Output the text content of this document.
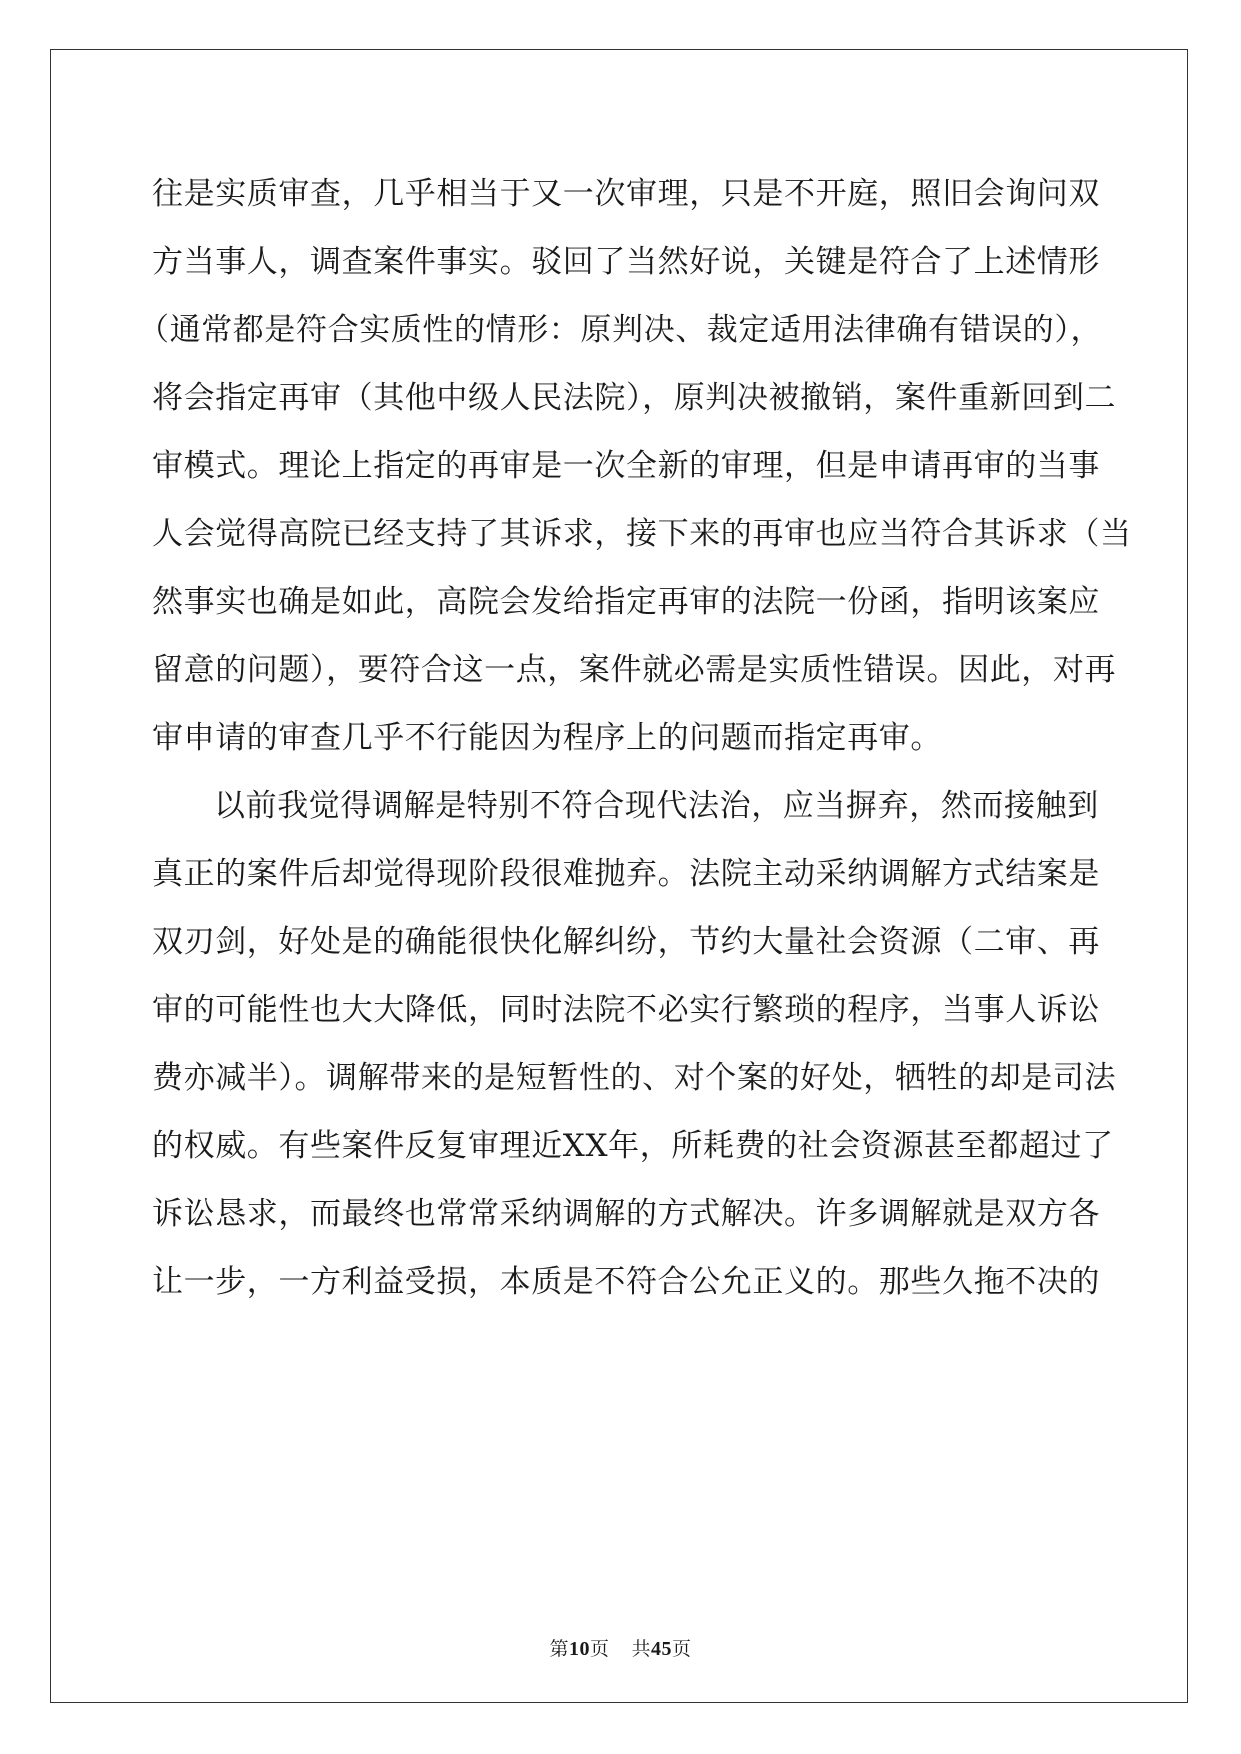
往是实质审查，几乎相当于又一次审理，只是不开庭，照旧会询问双
方当事人，调查案件事实。驳回了当然好说，关键是符合了上述情形
（通常都是符合实质性的情形：原判决、裁定适用法律确有错误的），
将会指定再审（其他中级人民法院），原判决被撤销，案件重新回到二
审模式。理论上指定的再审是一次全新的审理，但是申请再审的当事
人会觉得高院已经支持了其诉求，接下来的再审也应当符合其诉求（当
然事实也确是如此，高院会发给指定再审的法院一份函，指明该案应
留意的问题），要符合这一点，案件就必需是实质性错误。因此，对再
审申请的审查几乎不行能因为程序上的问题而指定再审。
以前我觉得调解是特别不符合现代法治，应当摒弃，然而接触到
真正的案件后却觉得现阶段很难抛弃。法院主动采纳调解方式结案是
双刃剑，好处是的确能很快化解纠纷，节约大量社会资源（二审、再
审的可能性也大大降低，同时法院不必实行繁琐的程序，当事人诉讼
费亦减半）。调解带来的是短暂性的、对个案的好处，牺牲的却是司法
的权威。有些案件反复审理近XX年，所耗费的社会资源甚至都超过了
诉讼恳求，而最终也常常采纳调解的方式解决。许多调解就是双方各
让一步，一方利益受损，本质是不符合公允正义的。那些久拖不决的
第10页 共45页
